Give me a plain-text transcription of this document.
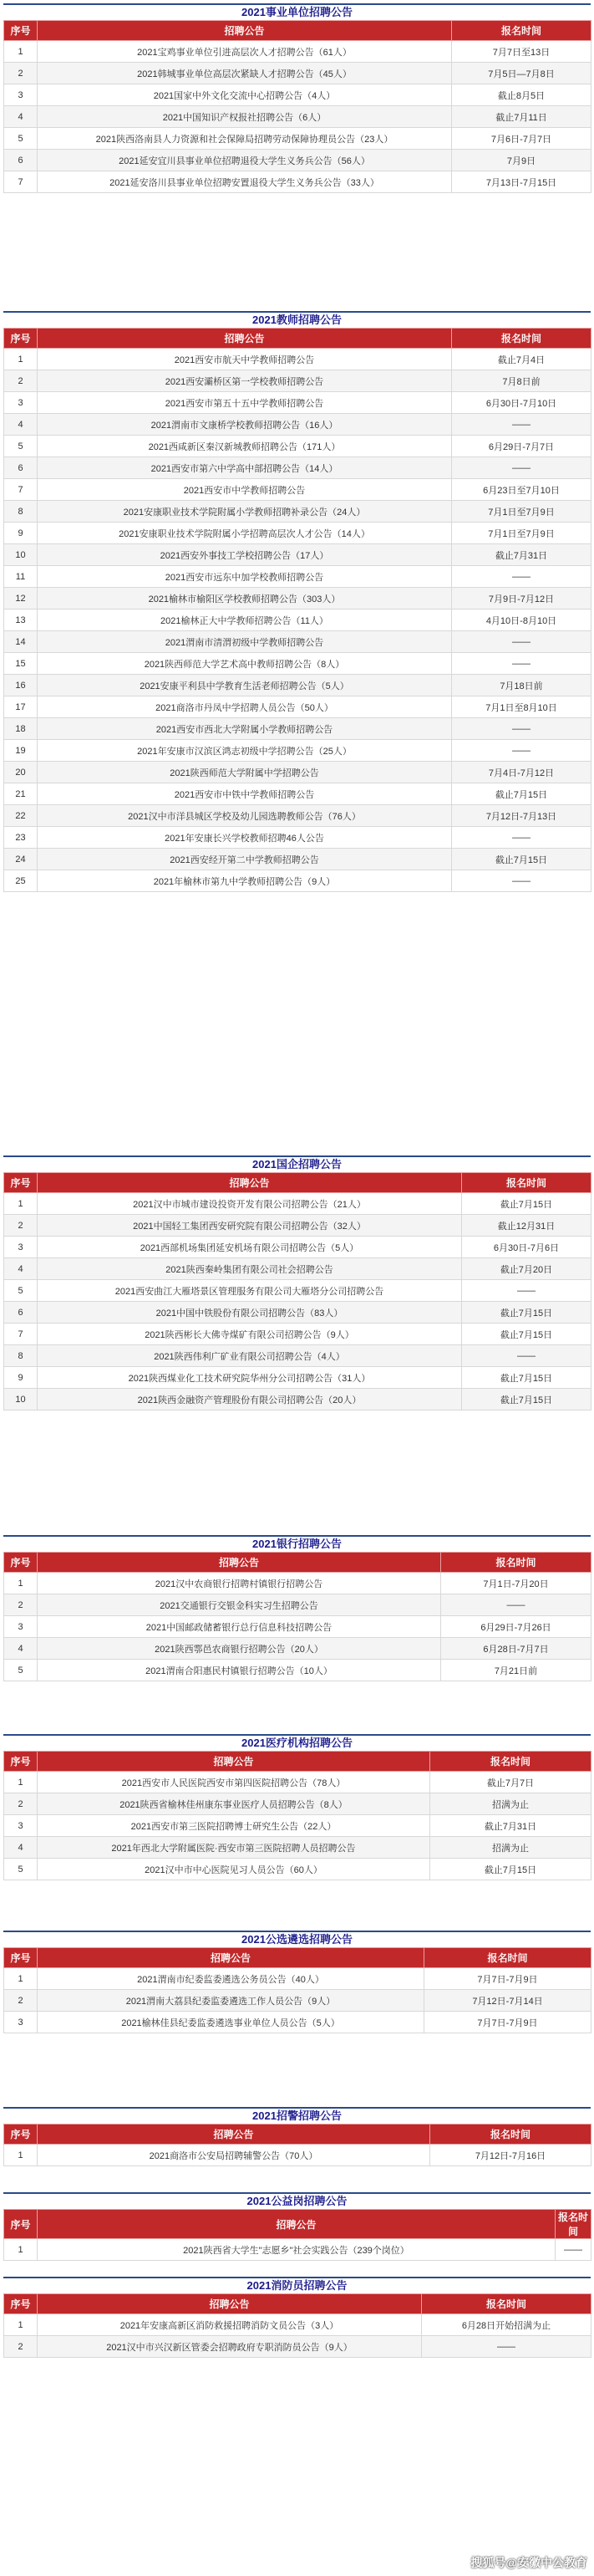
2021事业单位招聘公告
序号	招聘公告	报名时间
1	2021宝鸡事业单位引进高层次人才招聘公告（61人）	7月7日至13日
2	2021韩城事业单位高层次紧缺人才招聘公告（45人）	7月5日—7月8日
3	2021国家中外文化交流中心招聘公告（4人）	截止8月5日
4	2021中国知识产权报社招聘公告（6人）	截止7月11日
5	2021陕西洛南县人力资源和社会保障局招聘劳动保障协理员公告（23人）	7月6日-7月7日
6	2021延安宜川县事业单位招聘退役大学生义务兵公告（56人）	7月9日
7	2021延安洛川县事业单位招聘安置退役大学生义务兵公告（33人）	7月13日-7月15日
2021教师招聘公告
序号	招聘公告	报名时间
1	2021西安市航天中学教师招聘公告	截止7月4日
2	2021西安灞桥区第一学校教师招聘公告	7月8日前
3	2021西安市第五十五中学教师招聘公告	6月30日-7月10日
4	2021渭南市文康桥学校教师招聘公告（16人）	——
5	2021西咸新区秦汉新城教师招聘公告（171人）	6月29日-7月7日
6	2021西安市第六中学高中部招聘公告（14人）	——
7	2021西安市中学教师招聘公告	6月23日至7月10日
8	2021安康职业技术学院附属小学教师招聘补录公告（24人）	7月1日至7月9日
9	2021安康职业技术学院附属小学招聘高层次人才公告（14人）	7月1日至7月9日
10	2021西安外事技工学校招聘公告（17人）	截止7月31日
11	2021西安市远东中加学校教师招聘公告	——
12	2021榆林市榆阳区学校教师招聘公告（303人）	7月9日-7月12日
13	2021榆林正大中学教师招聘公告（11人）	4月10日-8月10日
14	2021渭南市清渭初级中学教师招聘公告	——
15	2021陕西师范大学艺术高中教师招聘公告（8人）	——
16	2021安康平利县中学教育生活老师招聘公告（5人）	7月18日前
17	2021商洛市丹凤中学招聘人员公告（50人）	7月1日至8月10日
18	2021西安市西北大学附属小学教师招聘公告	——
19	2021年安康市汉滨区鸿志初级中学招聘公告（25人）	——
20	2021陕西师范大学附属中学招聘公告	7月4日-7月12日
21	2021西安市中铁中学教师招聘公告	截止7月15日
22	2021汉中市洋县城区学校及幼儿园选聘教师公告（76人）	7月12日-7月13日
23	2021年安康长兴学校教师招聘46人公告	——
24	2021西安经开第二中学教师招聘公告	截止7月15日
25	2021年榆林市第九中学教师招聘公告（9人）	——
2021国企招聘公告
序号	招聘公告	报名时间
1	2021汉中市城市建设投资开发有限公司招聘公告（21人）	截止7月15日
2	2021中国轻工集团西安研究院有限公司招聘公告（32人）	截止12月31日
3	2021西部机场集团延安机场有限公司招聘公告（5人）	6月30日-7月6日
4	2021陕西秦岭集团有限公司社会招聘公告	截止7月20日
5	2021西安曲江大雁塔景区管理服务有限公司大雁塔分公司招聘公告	——
6	2021中国中铁股份有限公司招聘公告（83人）	截止7月15日
7	2021陕西彬长大佛寺煤矿有限公司招聘公告（9人）	截止7月15日
8	2021陕西伟利广矿业有限公司招聘公告（4人）	——
9	2021陕西煤业化工技术研究院华州分公司招聘公告（31人）	截止7月15日
10	2021陕西金融资产管理股份有限公司招聘公告（20人）	截止7月15日
2021银行招聘公告
序号	招聘公告	报名时间
1	2021汉中农商银行招聘村镇银行招聘公告	7月1日-7月20日
2	2021交通银行交银金科实习生招聘公告	——
3	2021中国邮政储蓄银行总行信息科技招聘公告	6月29日-7月26日
4	2021陕西鄠邑农商银行招聘公告（20人）	6月28日-7月7日
5	2021渭南合阳惠民村镇银行招聘公告（10人）	7月21日前
2021医疗机构招聘公告
序号	招聘公告	报名时间
1	2021西安市人民医院西安市第四医院招聘公告（78人）	截止7月7日
2	2021陕西省榆林佳州康东事业医疗人员招聘公告（8人）	招满为止
3	2021西安市第三医院招聘博士研究生公告（22人）	截止7月31日
4	2021年西北大学附属医院·西安市第三医院招聘人员招聘公告	招满为止
5	2021汉中市中心医院见习人员公告（60人）	截止7月15日
2021公选遴选招聘公告
序号	招聘公告	报名时间
1	2021渭南市纪委监委遴选公务员公告（40人）	7月7日-7月9日
2	2021渭南大荔县纪委监委遴选工作人员公告（9人）	7月12日-7月14日
3	2021榆林佳县纪委监委遴选事业单位人员公告（5人）	7月7日-7月9日
2021招警招聘公告
序号	招聘公告	报名时间
1	2021商洛市公安局招聘辅警公告（70人）	7月12日-7月16日
2021公益岗招聘公告
序号	招聘公告	报名时间
1	2021陕西省大学生"志愿乡"社会实践公告（239个岗位）	——
2021消防员招聘公告
序号	招聘公告	报名时间
1	2021年安康高新区消防救援招聘消防文员公告（3人）	6月28日开始招满为止
2	2021汉中市兴汉新区管委会招聘政府专职消防员公告（9人）	——
搜狐号@安徽中公教育
